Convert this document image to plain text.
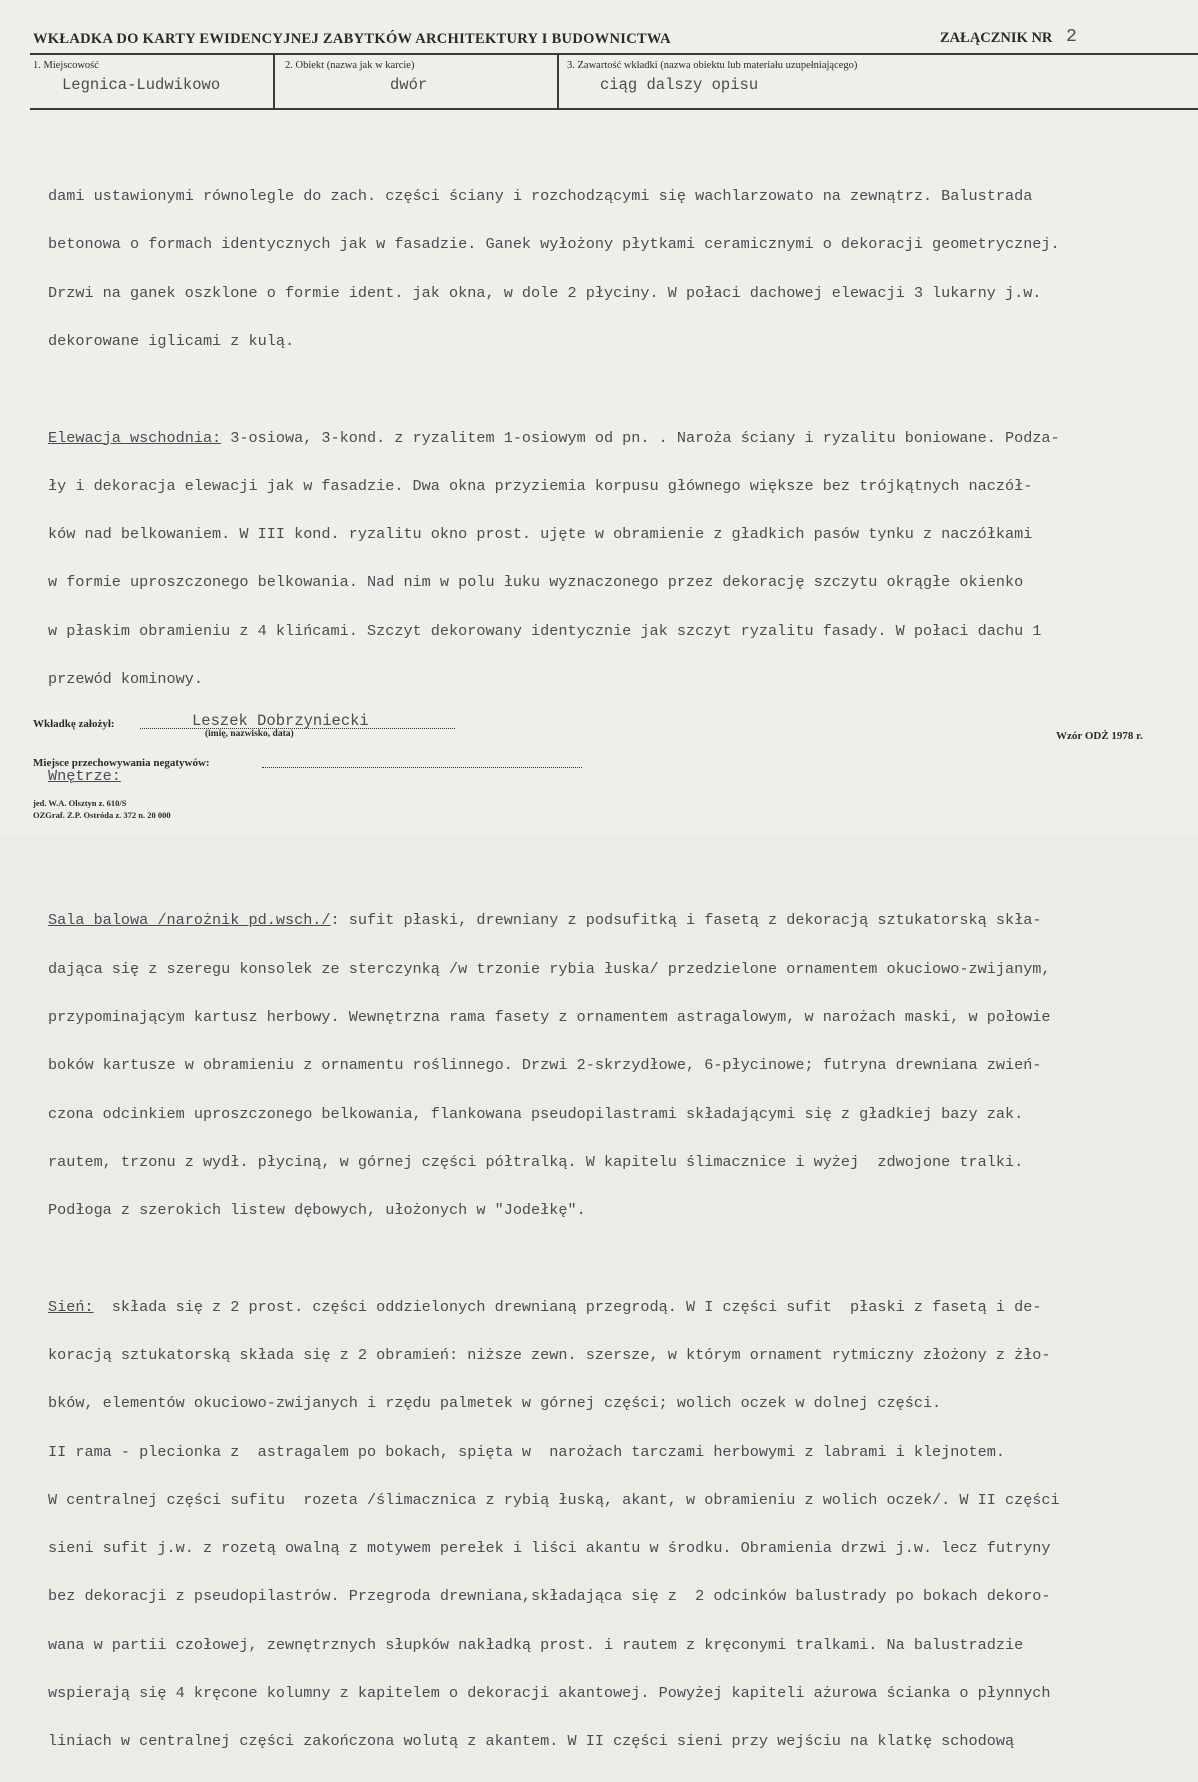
WKŁADKA DO KARTY EWIDENCYJNEJ ZABYTKÓW ARCHITEKTURY I BUDOWNICTWA	ZAŁĄCZNIK NR 2
1. Miejscowość
Legnica-Ludwikowo
2. Obiekt (nazwa jak w karcie)
dwór
3. Zawartość wkładki (nazwa obiektu lub materiału uzupełniającego)
ciąg dalszy opisu

dami ustawionymi równolegle do zach. części ściany i rozchodzącymi się wachlarzowato na zewnątrz. Balustrada

betonowa o formach identycznych jak w fasadzie. Ganek wyłożony płytkami ceramicznymi o dekoracji geometrycznej.

Drzwi na ganek oszklone o formie ident. jak okna, w dole 2 płyciny. W połaci dachowej elewacji 3 lukarny j.w.

dekorowane iglicami z kulą.

Elewacja wschodnia: 3-osiowa, 3-kond. z ryzalitem 1-osiowym od pn. . Naroża ściany i ryzalitu boniowane. Podza-

ły i dekoracja elewacji jak w fasadzie. Dwa okna przyziemia korpusu głównego większe bez trójkątnych naczół-

ków nad belkowaniem. W III kond. ryzalitu okno prost. ujęte w obramienie z gładkich pasów tynku z naczółkami

w formie uproszczonego belkowania. Nad nim w polu łuku wyznaczonego przez dekorację szczytu okrągłe okienko

w płaskim obramieniu z 4 klińcami. Szczyt dekorowany identycznie jak szczyt ryzalitu fasady. W połaci dachu 1

przewód kominowy.

Wnętrze:

Sala balowa /narożnik pd.wsch./: sufit płaski, drewniany z podsufitką i fasetą z dekoracją sztukatorską skła-

dająca się z szeregu konsolek ze sterczynką /w trzonie rybia łuska/ przedzielone ornamentem okuciowo-zwijanym,

przypominającym kartusz herbowy. Wewnętrzna rama fasety z ornamentem astragalowym, w narożach maski, w połowie

boków kartusze w obramieniu z ornamentu roślinnego. Drzwi 2-skrzydłowe, 6-płycinowe; futryna drewniana zwień-

czona odcinkiem uproszczonego belkowania, flankowana pseudopilastrami składającymi się z gładkiej bazy zak.

rautem, trzonu z wydł. płyciną, w górnej części półtralką. W kapitelu ślimacznice i wyżej  zdwojone tralki.

Podłoga z szerokich listew dębowych, ułożonych w "Jodełkę".

Sień:  składa się z 2 prost. części oddzielonych drewnianą przegrodą. W I części sufit  płaski z fasetą i de-

koracją sztukatorską składa się z 2 obramień: niższe zewn. szersze, w którym ornament rytmiczny złożony z żło-

bków, elementów okuciowo-zwijanych i rzędu palmetek w górnej części; wolich oczek w dolnej części.

II rama - plecionka z  astragalem po bokach, spięta w  narożach tarczami herbowymi z labrami i klejnotem.

W centralnej części sufitu  rozeta /ślimacznica z rybią łuską, akant, w obramieniu z wolich oczek/. W II części

sieni sufit j.w. z rozetą owalną z motywem perełek i liści akantu w środku. Obramienia drzwi j.w. lecz futryny

bez dekoracji z pseudopilastrów. Przegroda drewniana,składająca się z  2 odcinków balustrady po bokach dekoro-

wana w partii czołowej, zewnętrznych słupków nakładką prost. i rautem z kręconymi tralkami. Na balustradzie

wspierają się 4 kręcone kolumny z kapitelem o dekoracji akantowej. Powyżej kapiteli ażurowa ścianka o płynnych

liniach w centralnej części zakończona wolutą z akantem. W II części sieni przy wejściu na klatkę schodową

Wkładkę założył:	Leszek Dobrzyniecki
(imię, nazwisko, data)	Wzór ODŻ 1978 r.
Miejsce przechowywania negatywów:
jed. W.A. Olsztyn z. 610/S
OZGraf. Z.P. Ostróda z. 372 n. 20 000
